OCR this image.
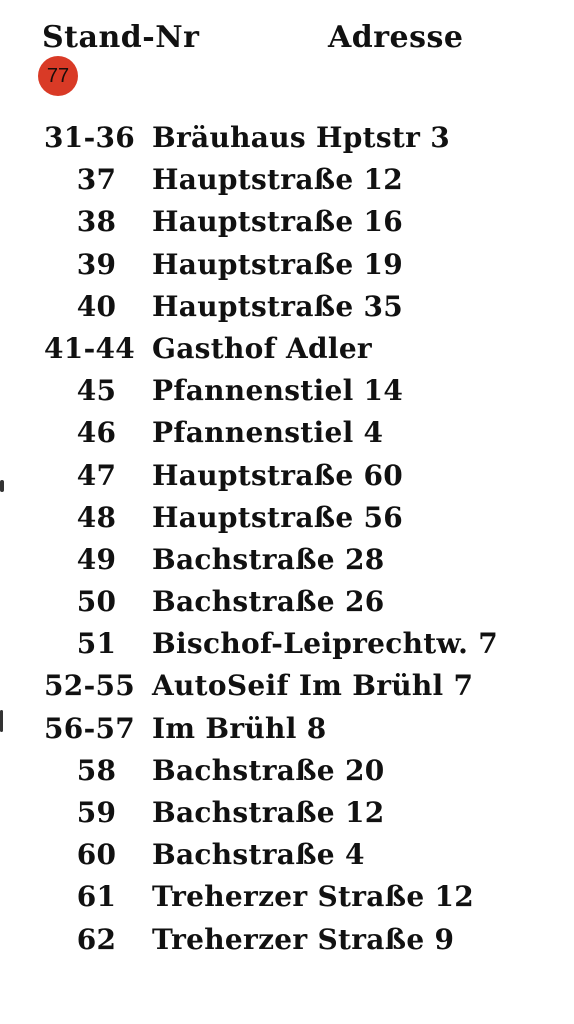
Stand-Nr	Adresse
77
31-36 Bräuhaus Hptstr 3
37	Hauptstraße 12
38	Hauptstraße 16
39	Hauptstraße 19
40	Hauptstraße 35
41-44 Gasthof Adler
45	Pfannenstiel 14
46	Pfannenstiel 4
47	Hauptstraße 60
48	Hauptstraße 56
49	Bachstraße 28
50	Bachstraße 26
51	Bischof-Leiprechtw. 7
52-55 AutoSeif Im Brühl 7
56-57 Im Brühl 8
58	Bachstraße 20
59	Bachstraße 12
60	Bachstraße 4
61	Treherzer Straße 12
62	Treherzer Straße 9
